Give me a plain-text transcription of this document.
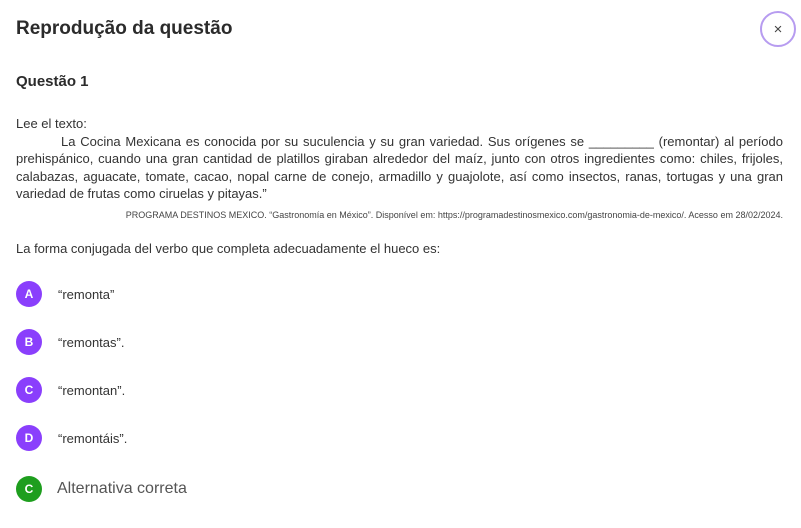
Reprodução da questão	×
Questão 1
Lee el texto:

La Cocina Mexicana es conocida por su suculencia y su gran variedad. Sus orígenes se _________ (remontar) al período prehispánico, cuando una gran cantidad de platillos giraban alrededor del maíz, junto con otros ingredientes como: chiles, frijoles, calabazas, aguacate, tomate, cacao, nopal carne de conejo, armadillo y guajolote, así como insectos, ranas, tortugas y una gran variedad de frutas como ciruelas y pitayas.”

PROGRAMA DESTINOS MEXICO. “Gastronomía en México”. Disponível em: https://programadestinosmexico.com/gastronomia-de-mexico/. Acesso em 28/02/2024.

La forma conjugada del verbo que completa adecuadamente el hueco es:

A	“remonta”
B	“remontas”.
C	“remontan”.
D	“remontáis”.
C	Alternativa correta
